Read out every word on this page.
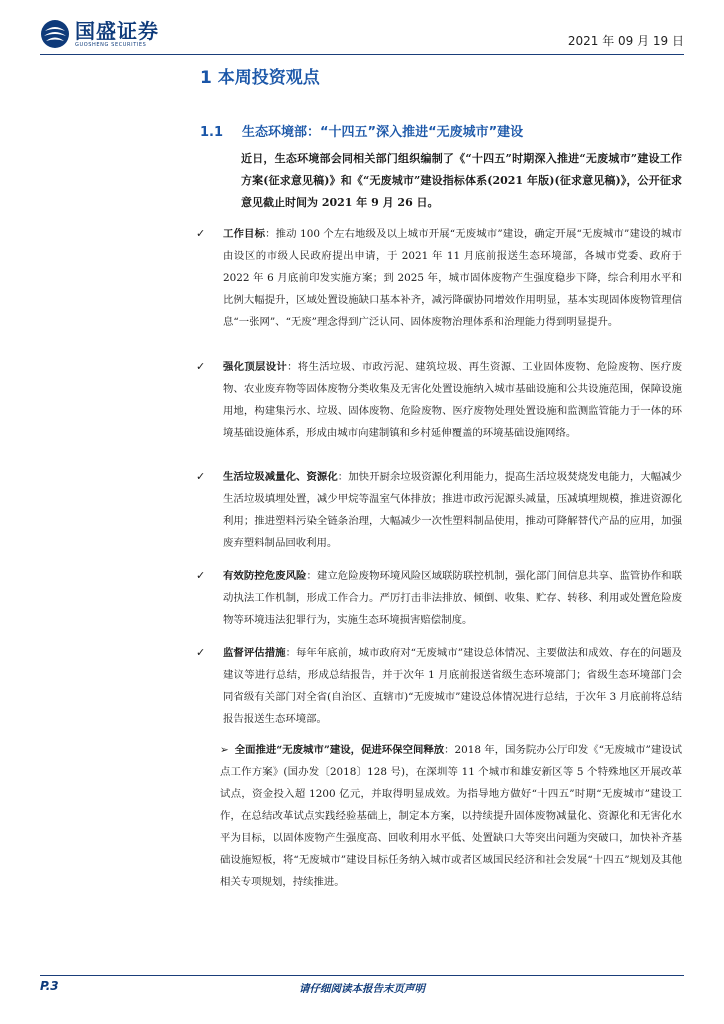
国盛证券
GUOSHENG SECURITIES	2021 年 09 月 19 日
1 本周投资观点
1.1 生态环境部：“十四五”深入推进“无废城市”建设
近日，生态环境部会同相关部门组织编制了《“十四五”时期深入推进“无废城市”建设工作方案(征求意见稿)》和《“无废城市”建设指标体系(2021 年版)(征求意见稿)》，公开征求意见截止时间为 2021 年 9 月 26 日。
✓ 工作目标：推动 100 个左右地级及以上城市开展“无废城市”建设，确定开展“无废城市”建设的城市由设区的市级人民政府提出申请，于 2021 年 11 月底前报送生态环境部，各城市党委、政府于 2022 年 6 月底前印发实施方案；到 2025 年，城市固体废物产生强度稳步下降，综合利用水平和比例大幅提升，区域处置设施缺口基本补齐，减污降碳协同增效作用明显，基本实现固体废物管理信息“一张网”、“无废”理念得到广泛认同、固体废物治理体系和治理能力得到明显提升。
✓ 强化顶层设计：将生活垃圾、市政污泥、建筑垃圾、再生资源、工业固体废物、危险废物、医疗废物、农业废弃物等固体废物分类收集及无害化处置设施纳入城市基础设施和公共设施范围，保障设施用地，构建集污水、垃圾、固体废物、危险废物、医疗废物处理处置设施和监测监管能力于一体的环境基础设施体系，形成由城市向建制镇和乡村延伸覆盖的环境基础设施网络。
✓ 生活垃圾减量化、资源化：加快开厨余垃圾资源化利用能力，提高生活垃圾焚烧发电能力，大幅减少生活垃圾填埋处置，减少甲烷等温室气体排放；推进市政污泥源头减量，压减填埋规模，推进资源化利用；推进塑料污染全链条治理，大幅减少一次性塑料制品使用，推动可降解替代产品的应用，加强废弃塑料制品回收利用。
✓ 有效防控危废风险：建立危险废物环境风险区域联防联控机制，强化部门间信息共享、监管协作和联动执法工作机制，形成工作合力。严厉打击非法排放、倾倒、收集、贮存、转移、利用或处置危险废物等环境违法犯罪行为，实施生态环境损害赔偿制度。
✓ 监督评估措施：每年年底前，城市政府对“无废城市”建设总体情况、主要做法和成效、存在的问题及建议等进行总结，形成总结报告，并于次年 1 月底前报送省级生态环境部门；省级生态环境部门会同省级有关部门对全省(自治区、直辖市)“无废城市”建设总体情况进行总结，于次年 3 月底前将总结报告报送生态环境部。
➢ 全面推进“无废城市”建设，促进环保空间释放：2018 年，国务院办公厅印发《“无废城市”建设试点工作方案》(国办发〔2018〕128 号)，在深圳等 11 个城市和雄安新区等 5 个特殊地区开展改革试点，资金投入超 1200 亿元，并取得明显成效。为指导地方做好“十四五”时期“无废城市”建设工作，在总结改革试点实践经验基础上，制定本方案，以持续提升固体废物减量化、资源化和无害化水平为目标，以固体废物产生强度高、回收利用水平低、处置缺口大等突出问题为突破口，加快补齐基础设施短板，将“无废城市”建设目标任务纳入城市或者区域国民经济和社会发展“十四五”规划及其他相关专项规划，持续推进。
P.3	请仔细阅读本报告末页声明
